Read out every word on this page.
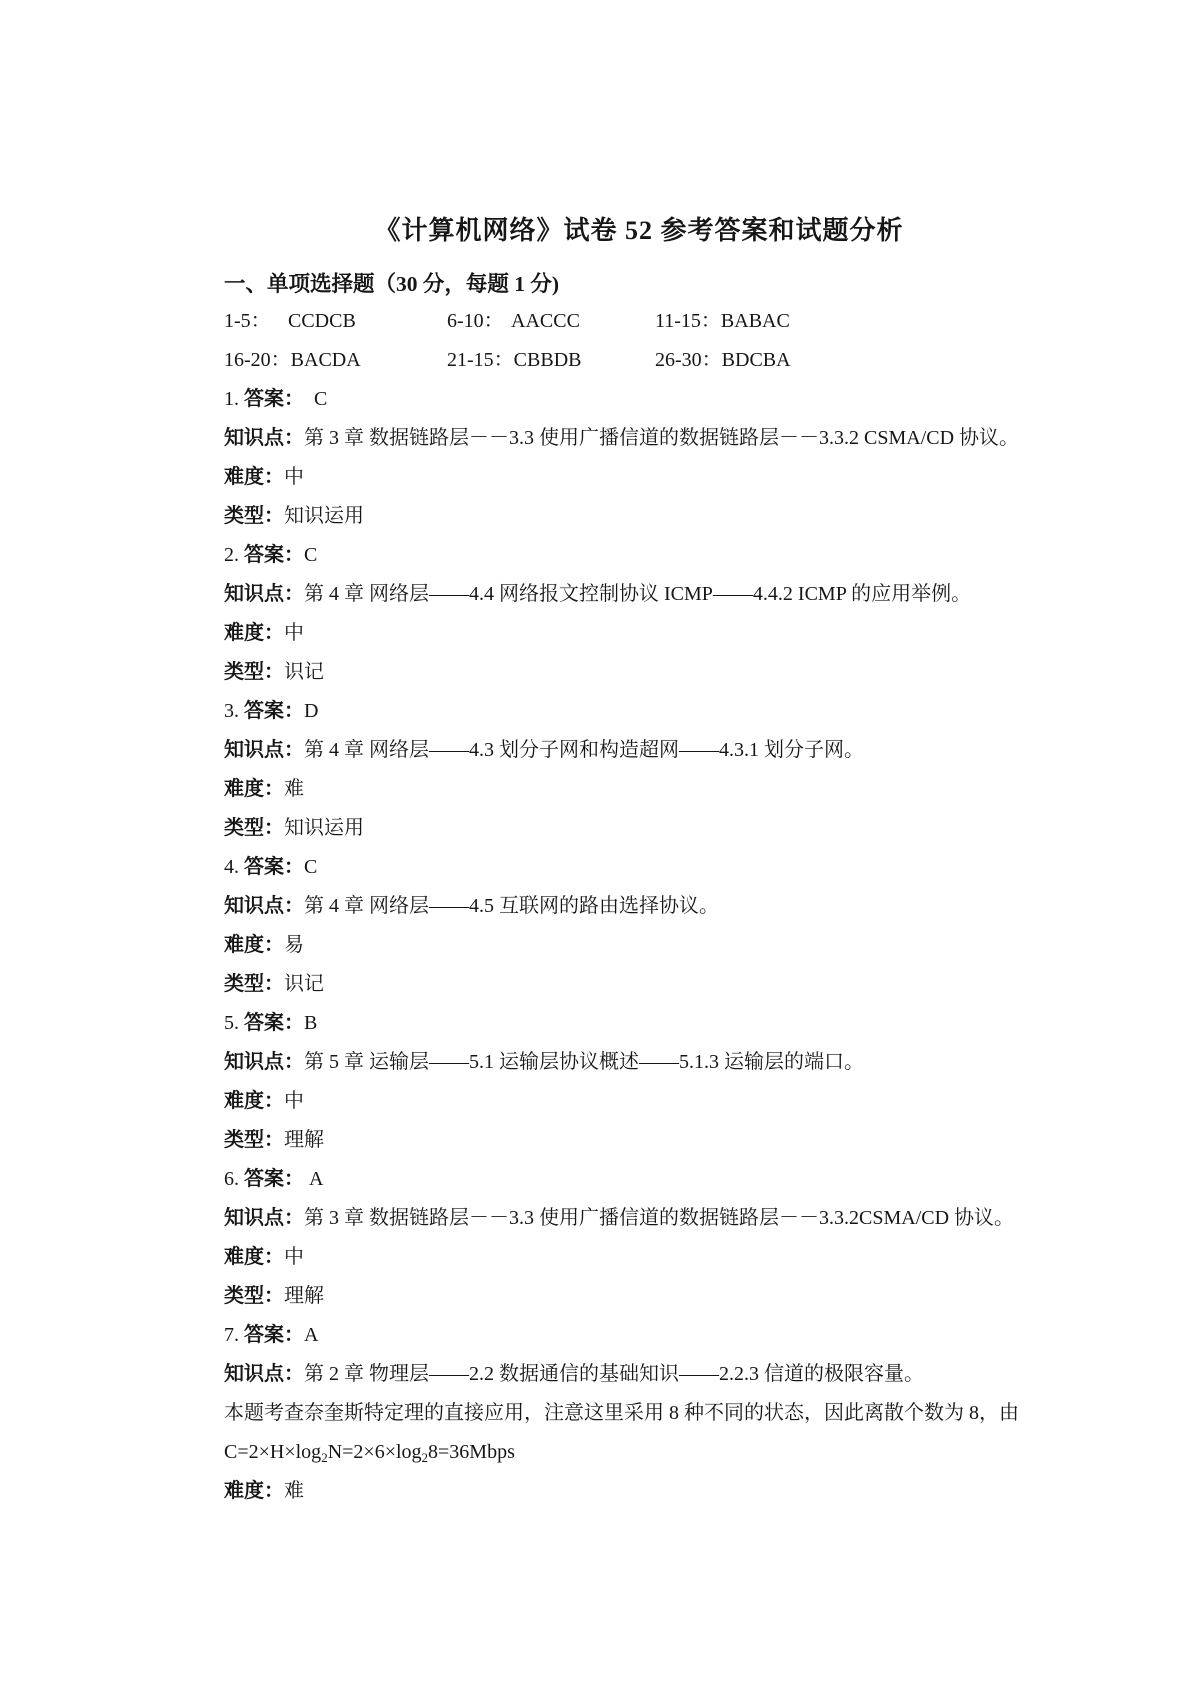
《计算机网络》试卷 52 参考答案和试题分析
一、单项选择题（30 分，每题 1 分)
1-5： CCDCB	6-10： AACCC	11-15：BABAC
16-20：BACDA	21-15：CBBDB	26-30：BDCBA

1. 答案：  C

知识点：第 3 章 数据链路层－－3.3 使用广播信道的数据链路层－－3.3.2 CSMA/CD 协议。

难度：中

类型：知识运用

2. 答案：C

知识点：第 4 章 网络层——4.4 网络报文控制协议 ICMP——4.4.2 ICMP 的应用举例。

难度：中

类型：识记

3. 答案：D

知识点：第 4 章 网络层——4.3 划分子网和构造超网——4.3.1 划分子网。

难度：难

类型：知识运用

4. 答案：C

知识点：第 4 章 网络层——4.5 互联网的路由选择协议。

难度：易

类型：识记

5. 答案：B

知识点：第 5 章 运输层——5.1 运输层协议概述——5.1.3 运输层的端口。

难度：中

类型：理解

6. 答案： A

知识点：第 3 章 数据链路层－－3.3 使用广播信道的数据链路层－－3.3.2CSMA/CD 协议。

难度：中

类型：理解

7. 答案：A

知识点：第 2 章 物理层——2.2 数据通信的基础知识——2.2.3 信道的极限容量。

本题考查奈奎斯特定理的直接应用，注意这里采用 8 种不同的状态，因此离散个数为 8，由

$C=2\times H\times\log_2N=2\times 6\times\log_28=36Mbps$

难度：难
